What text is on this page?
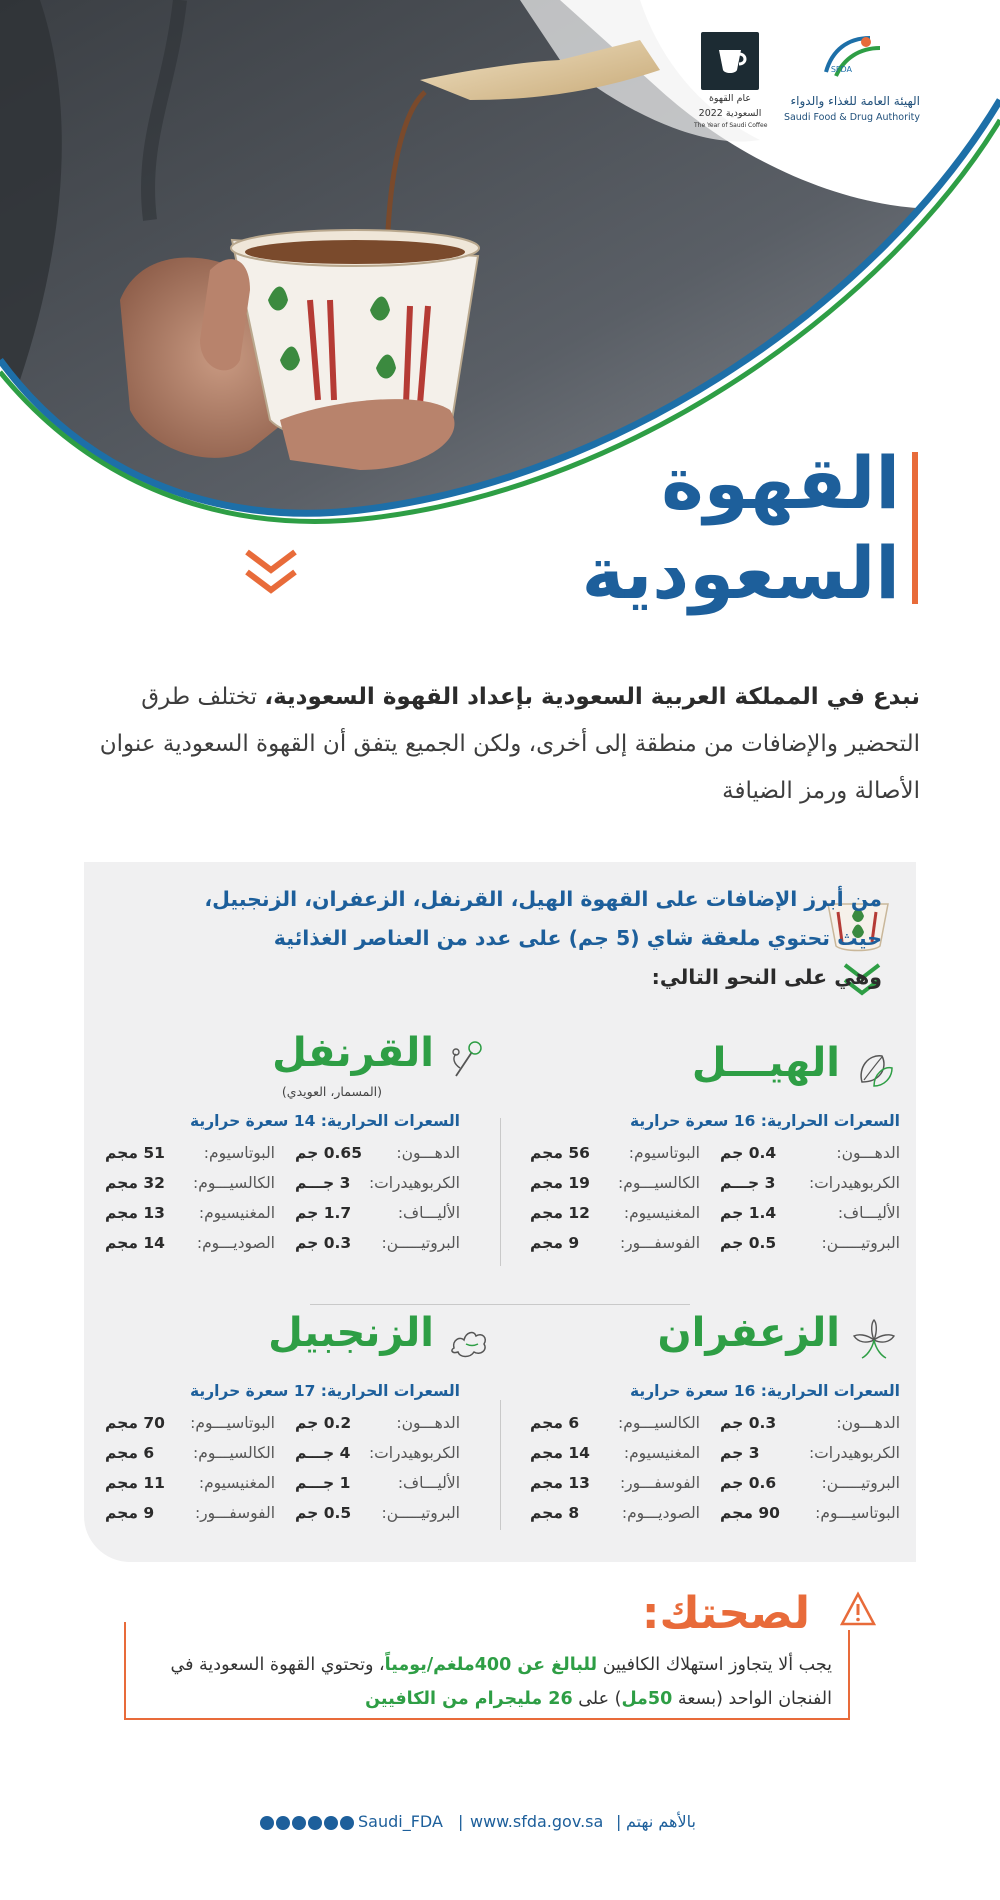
SFDA
الهيئة العامة للغذاء والدواء
Saudi Food & Drug Authority
عام القهوة
السعودية 2022
The Year of Saudi Coffee
القهوة
السعودية

نبدع في المملكة العربية السعودية بإعداد القهوة السعودية، تختلف طرق التحضير والإضافات من منطقة إلى أخرى، ولكن الجميع يتفق أن القهوة السعودية عنوان الأصالة ورمز الضيافة

من أبرز الإضافات على القهوة الهيل، القرنفل، الزعفران، الزنجبيل،
حيث تحتوي ملعقة شاي (5 جم) على عدد من العناصر الغذائية
وهي على النحو التالي:
الهيـــل
السعرات الحرارية: 16 سعرة حرارية
الدهـــون:
0.4 جم
الكربوهيدرات:
3 جـــم
الأليـــاف:
1.4 جم
البروتيـــــن:
0.5 جم
البوتاسيوم:
56 مجم
الكالسيـــوم:
19 مجم
المغنيسيوم:
12 مجم
الفوسفـــور:
9 مجم
القرنفل
(المسمار، العويدي)
السعرات الحرارية: 14 سعرة حرارية
الدهـــون:
0.65 جم
الكربوهيدرات:
3 جـــم
الأليـــاف:
1.7 جم
البروتيـــــن:
0.3 جم
البوتاسيوم:
51 مجم
الكالسيـــوم:
32 مجم
المغنيسيوم:
13 مجم
الصوديـــوم:
14 مجم
الزعفران
السعرات الحرارية: 16 سعرة حرارية
الدهـــون:
0.3 جم
الكربوهيدرات:
3 جم
البروتيـــــن:
0.6 جم
البوتاسيـــوم:
90 مجم
الكالسيـــوم:
6 مجم
المغنيسيوم:
14 مجم
الفوسفـــور:
13 مجم
الصوديـــوم:
8 مجم
الزنجبيل
السعرات الحرارية: 17 سعرة حرارية
الدهـــون:
0.2 جم
الكربوهيدرات:
4 جـــم
الأليـــاف:
1 جـــم
البروتيـــــن:
0.5 جم
البوتاسيـــوم:
70 مجم
الكالسيـــوم:
6 مجم
المغنيسيوم:
11 مجم
الفوسفـــور:
9 مجم
لصحتك:

يجب ألا يتجاوز استهلاك الكافيين للبالغ عن 400ملغم/يومياً، وتحتوي القهوة السعودية في الفنجان الواحد (بسعة 50مل) على 26 مليجرام من الكافيين

بالأهم نهتم
|
www.sfda.gov.sa
|
Saudi_FDA
